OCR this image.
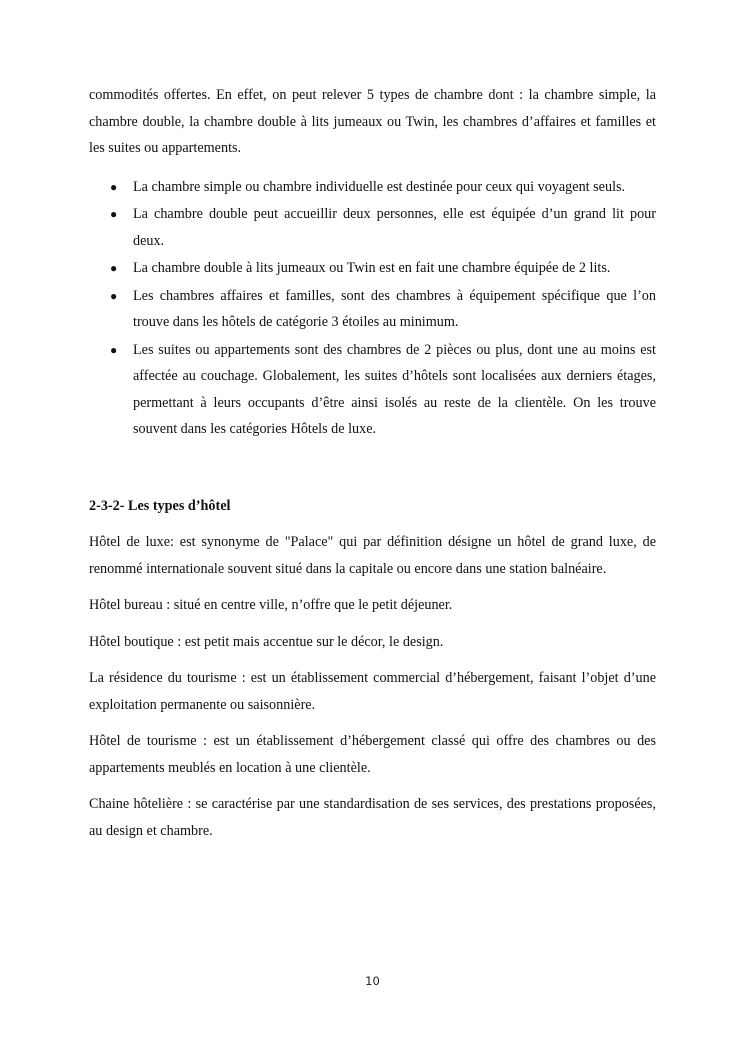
commodités offertes. En effet, on peut relever 5 types de chambre dont : la chambre simple, la chambre double, la chambre double à lits jumeaux ou Twin, les chambres d’affaires et familles et les suites ou appartements.

● La chambre simple ou chambre individuelle est destinée pour ceux qui voyagent seuls.
● La chambre double peut accueillir deux personnes, elle est équipée d’un grand lit pour deux.
● La chambre double à lits jumeaux ou Twin est en fait une chambre équipée de 2 lits.
● Les chambres affaires et familles, sont des chambres à équipement spécifique que l’on trouve dans les hôtels de catégorie 3 étoiles au minimum.
● Les suites ou appartements sont des chambres de 2 pièces ou plus, dont une au moins est affectée au couchage. Globalement, les suites d’hôtels sont localisées aux derniers étages, permettant à leurs occupants d’être ainsi isolés au reste de la clientèle. On les trouve souvent dans les catégories Hôtels de luxe.

2-3-2- Les types d’hôtel

Hôtel de luxe: est synonyme de "Palace" qui par définition désigne un hôtel de grand luxe, de renommé internationale souvent situé dans la capitale ou encore dans une station balnéaire.

Hôtel bureau : situé en centre ville, n’offre que le petit déjeuner.

Hôtel boutique : est petit mais accentue sur le décor, le design.

La résidence du tourisme : est un établissement commercial d’hébergement, faisant l’objet d’une exploitation permanente ou saisonnière.

Hôtel de tourisme : est un établissement d’hébergement classé qui offre des chambres ou des appartements meublés en location à une clientèle.

Chaine hôtelière : se caractérise par une standardisation de ses services, des prestations proposées, au design et chambre.

10
